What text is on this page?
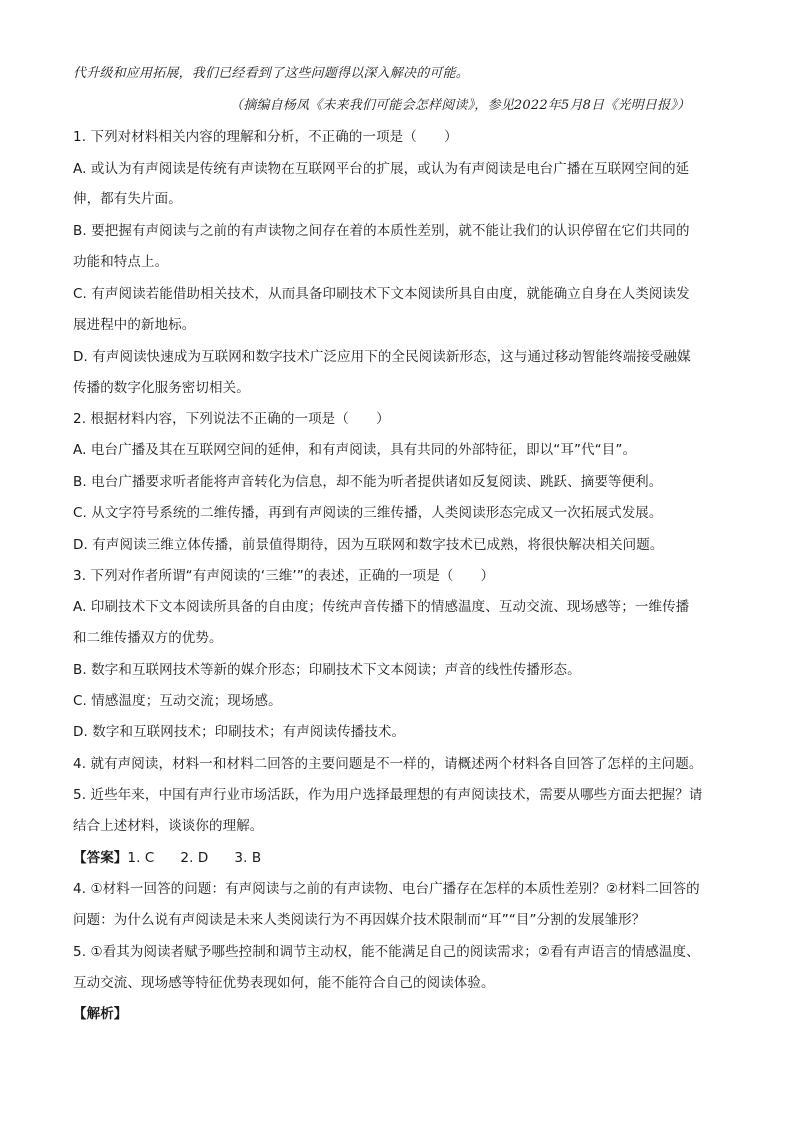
代升级和应用拓展，我们已经看到了这些问题得以深入解决的可能。
（摘编自杨凤《未来我们可能会怎样阅读》，参见2022年5月8日《光明日报》）
1. 下列对材料相关内容的理解和分析，不正确的一项是（　　）
A. 或认为有声阅读是传统有声读物在互联网平台的扩展，或认为有声阅读是电台广播在互联网空间的延
伸，都有失片面。
B. 要把握有声阅读与之前的有声读物之间存在着的本质性差别，就不能让我们的认识停留在它们共同的
功能和特点上。
C. 有声阅读若能借助相关技术，从而具备印刷技术下文本阅读所具自由度，就能确立自身在人类阅读发
展进程中的新地标。
D. 有声阅读快速成为互联网和数字技术广泛应用下的全民阅读新形态，这与通过移动智能终端接受融媒
传播的数字化服务密切相关。
2. 根据材料内容，下列说法不正确的一项是（　　）
A. 电台广播及其在互联网空间的延伸，和有声阅读，具有共同的外部特征，即以“耳”代“目”。
B. 电台广播要求听者能将声音转化为信息，却不能为听者提供诸如反复阅读、跳跃、摘要等便利。
C. 从文字符号系统的二维传播，再到有声阅读的三维传播，人类阅读形态完成又一次拓展式发展。
D. 有声阅读三维立体传播，前景值得期待，因为互联网和数字技术已成熟，将很快解决相关问题。
3. 下列对作者所谓“有声阅读的‘三维’”的表述，正确的一项是（　　）
A. 印刷技术下文本阅读所具备的自由度；传统声音传播下的情感温度、互动交流、现场感等；一维传播
和二维传播双方的优势。
B. 数字和互联网技术等新的媒介形态；印刷技术下文本阅读；声音的线性传播形态。
C. 情感温度；互动交流；现场感。
D. 数字和互联网技术；印刷技术；有声阅读传播技术。
4. 就有声阅读，材料一和材料二回答的主要问题是不一样的，请概述两个材料各自回答了怎样的主问题。
5. 近些年来，中国有声行业市场活跃，作为用户选择最理想的有声阅读技术，需要从哪些方面去把握？请
结合上述材料，谈谈你的理解。
【答案】1. C 2. D 3. B
4. ①材料一回答的问题：有声阅读与之前的有声读物、电台广播存在怎样的本质性差别？②材料二回答的
问题：为什么说有声阅读是未来人类阅读行为不再因媒介技术限制而“耳”“目”分割的发展雏形？
5. ①看其为阅读者赋予哪些控制和调节主动权，能不能满足自己的阅读需求；②看有声语言的情感温度、
互动交流、现场感等特征优势表现如何，能不能符合自己的阅读体验。
【解析】
